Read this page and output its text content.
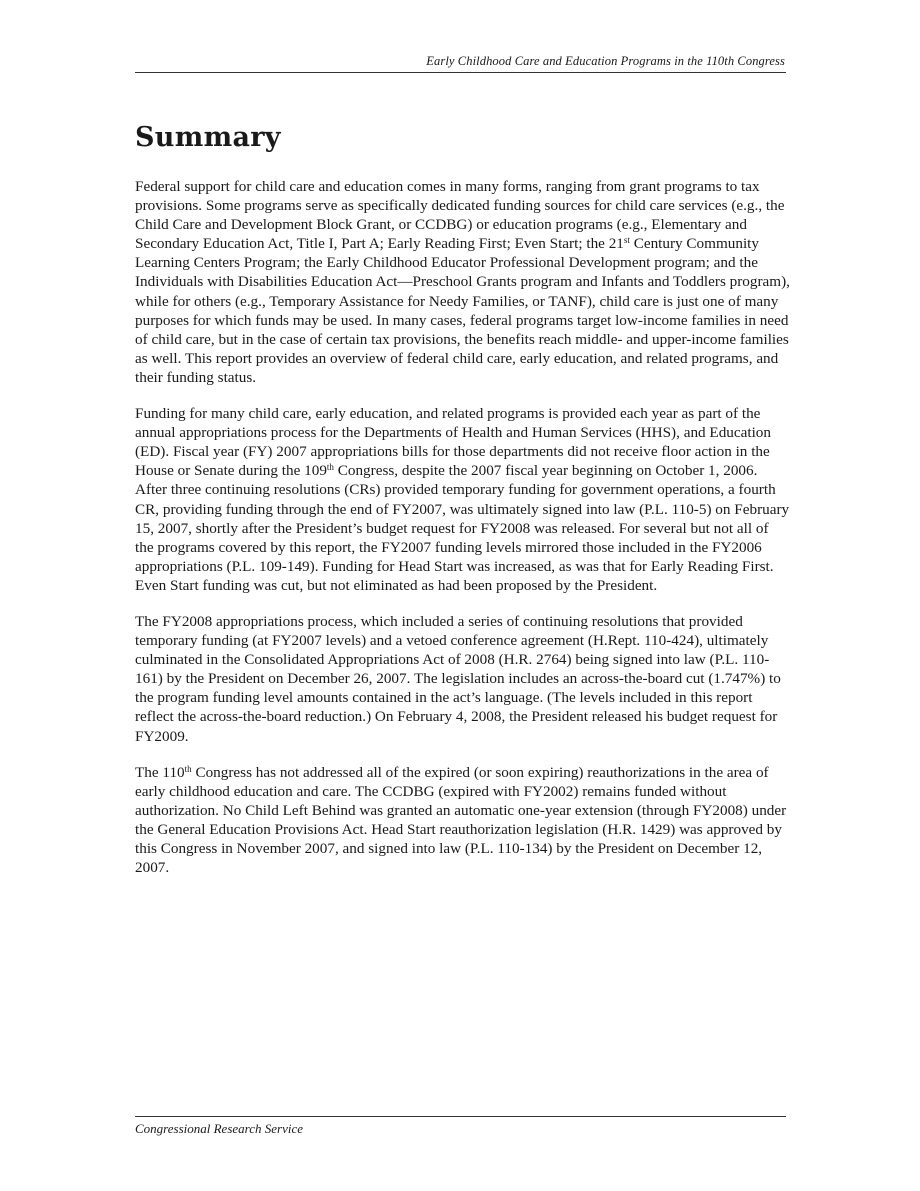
Early Childhood Care and Education Programs in the 110th Congress
Summary

Federal support for child care and education comes in many forms, ranging from grant programs to tax provisions. Some programs serve as specifically dedicated funding sources for child care services (e.g., the Child Care and Development Block Grant, or CCDBG) or education programs (e.g., Elementary and Secondary Education Act, Title I, Part A; Early Reading First; Even Start; the 21st Century Community Learning Centers Program; the Early Childhood Educator Professional Development program; and the Individuals with Disabilities Education Act—Preschool Grants program and Infants and Toddlers program), while for others (e.g., Temporary Assistance for Needy Families, or TANF), child care is just one of many purposes for which funds may be used. In many cases, federal programs target low-income families in need of child care, but in the case of certain tax provisions, the benefits reach middle- and upper-income families as well. This report provides an overview of federal child care, early education, and related programs, and their funding status.

Funding for many child care, early education, and related programs is provided each year as part of the annual appropriations process for the Departments of Health and Human Services (HHS), and Education (ED). Fiscal year (FY) 2007 appropriations bills for those departments did not receive floor action in the House or Senate during the 109th Congress, despite the 2007 fiscal year beginning on October 1, 2006. After three continuing resolutions (CRs) provided temporary funding for government operations, a fourth CR, providing funding through the end of FY2007, was ultimately signed into law (P.L. 110-5) on February 15, 2007, shortly after the President’s budget request for FY2008 was released. For several but not all of the programs covered by this report, the FY2007 funding levels mirrored those included in the FY2006 appropriations (P.L. 109-149). Funding for Head Start was increased, as was that for Early Reading First. Even Start funding was cut, but not eliminated as had been proposed by the President.

The FY2008 appropriations process, which included a series of continuing resolutions that provided temporary funding (at FY2007 levels) and a vetoed conference agreement (H.Rept. 110-424), ultimately culminated in the Consolidated Appropriations Act of 2008 (H.R. 2764) being signed into law (P.L. 110-161) by the President on December 26, 2007. The legislation includes an across-the-board cut (1.747%) to the program funding level amounts contained in the act’s language. (The levels included in this report reflect the across-the-board reduction.) On February 4, 2008, the President released his budget request for FY2009.

The 110th Congress has not addressed all of the expired (or soon expiring) reauthorizations in the area of early childhood education and care. The CCDBG (expired with FY2002) remains funded without authorization. No Child Left Behind was granted an automatic one-year extension (through FY2008) under the General Education Provisions Act. Head Start reauthorization legislation (H.R. 1429) was approved by this Congress in November 2007, and signed into law (P.L. 110-134) by the President on December 12, 2007.

Congressional Research Service
